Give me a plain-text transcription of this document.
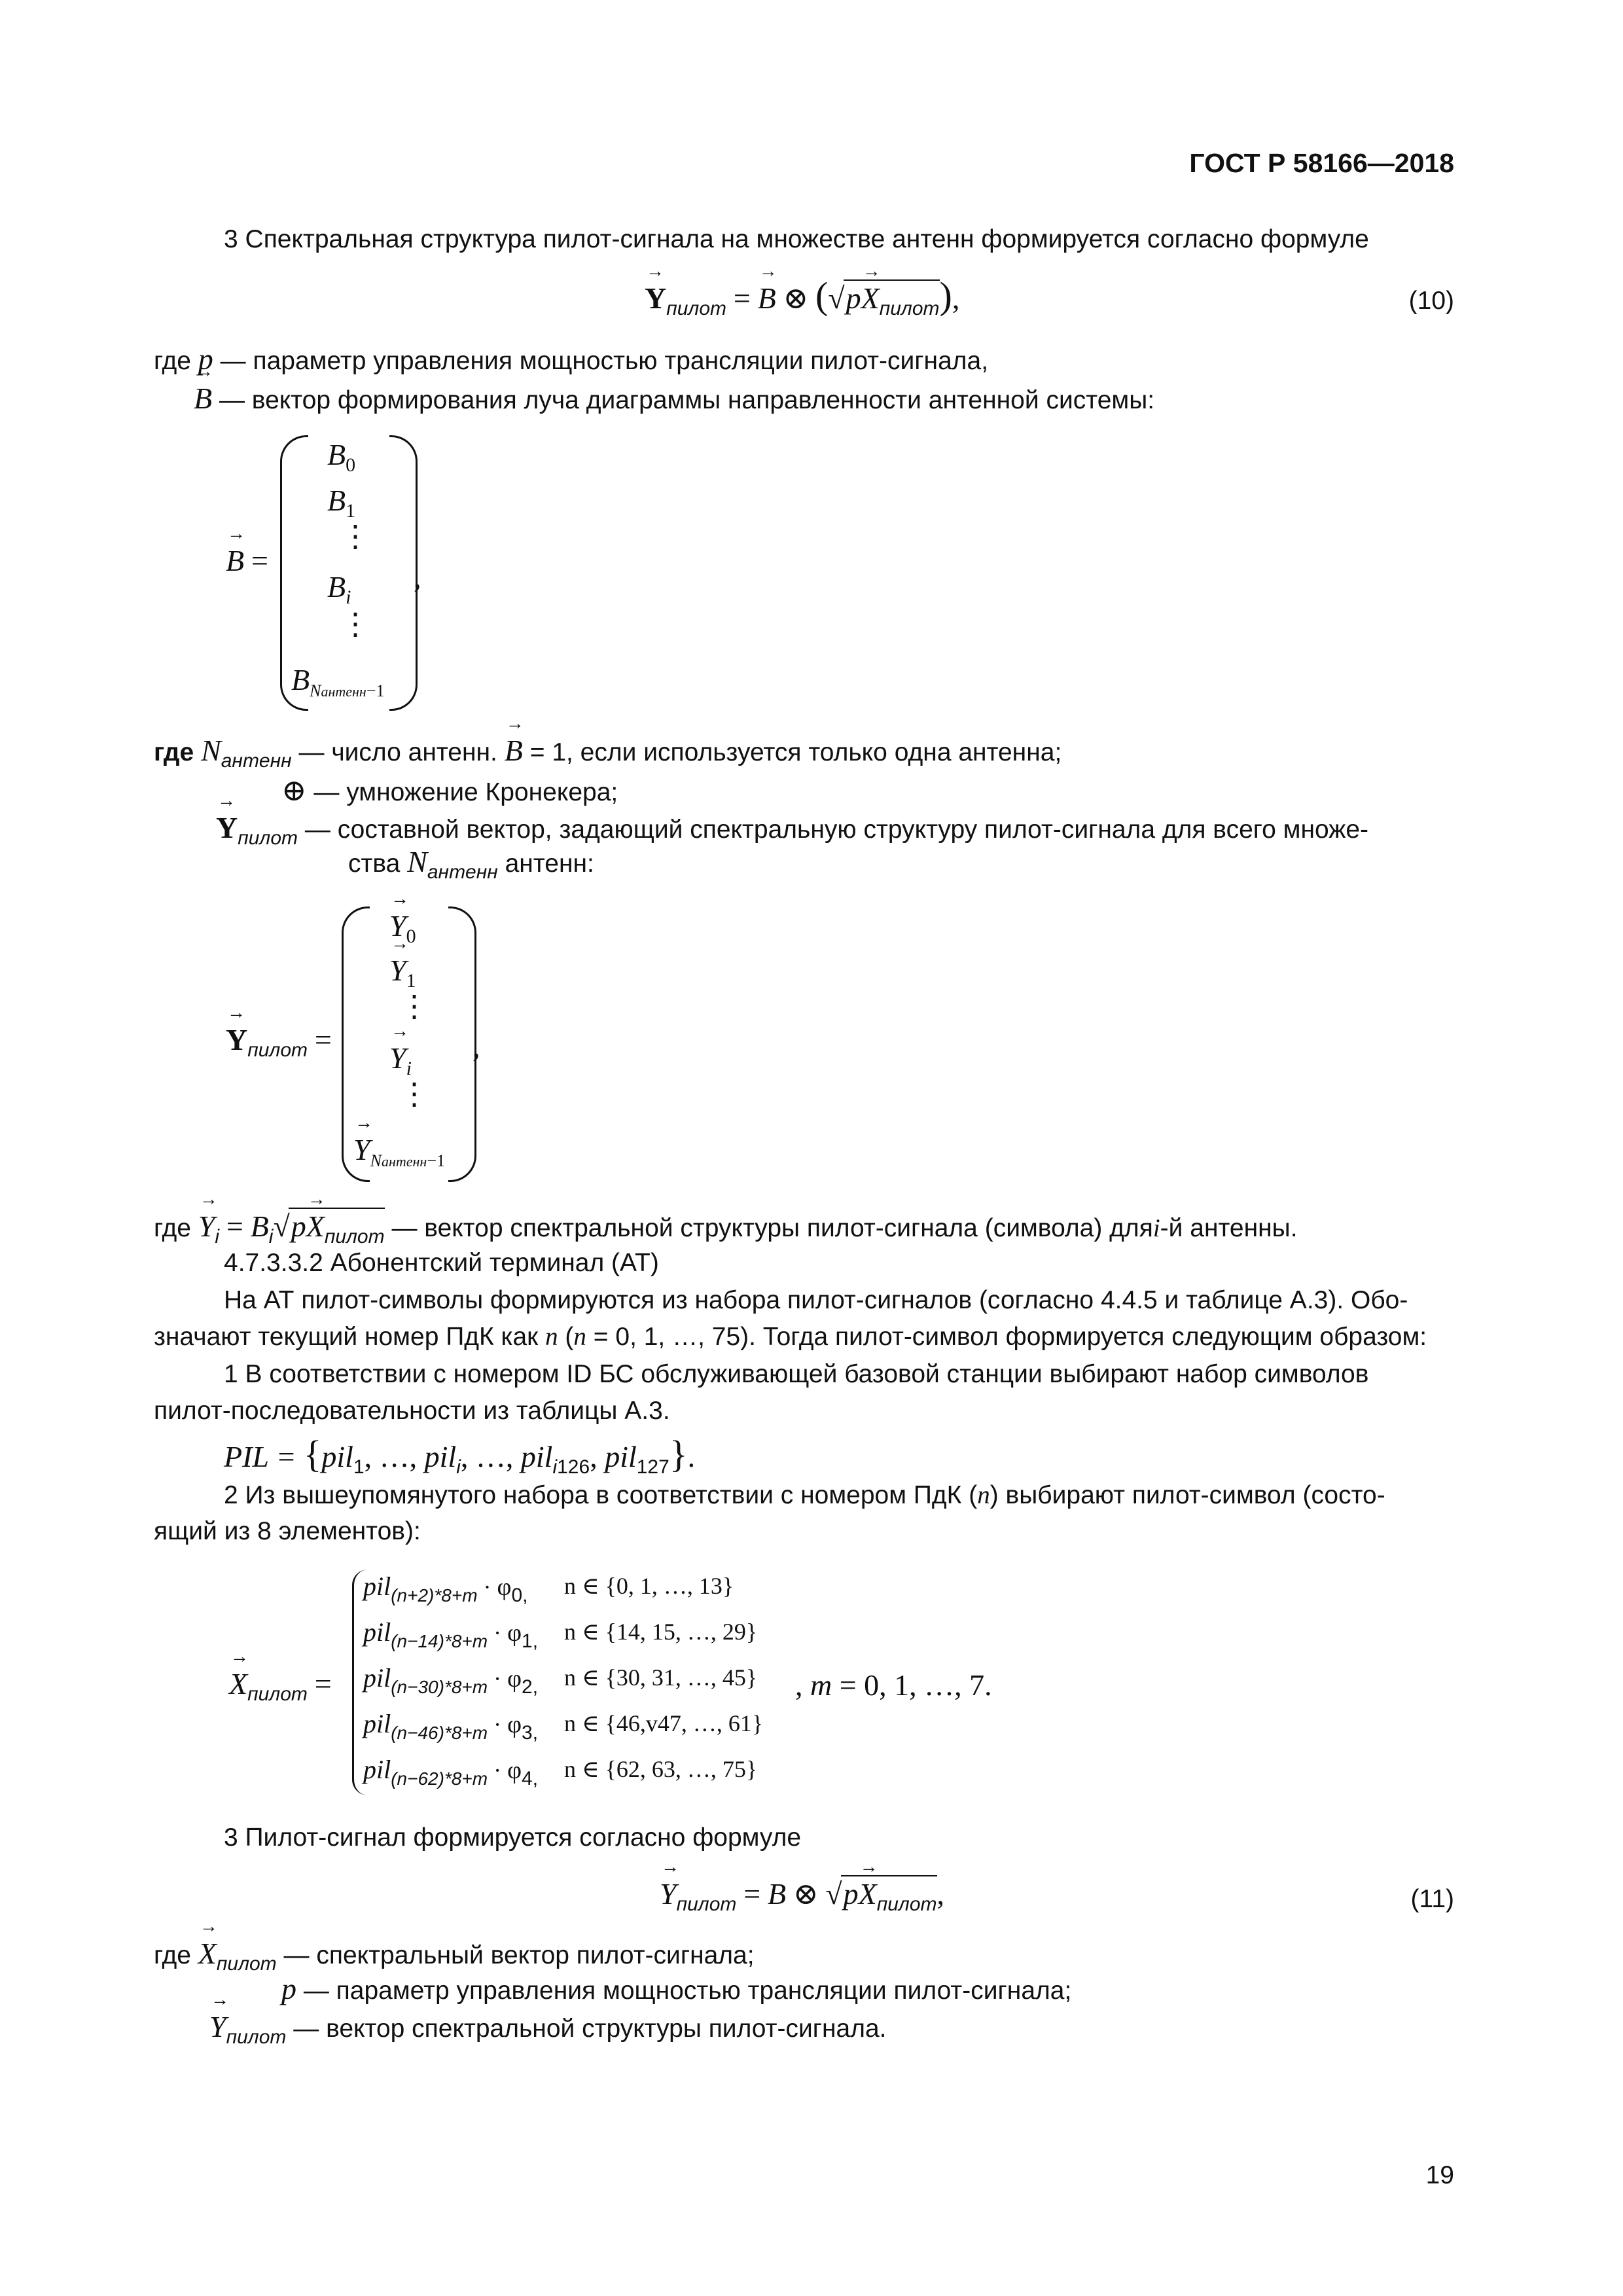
ГОСТ Р 58166—2018
3 Спектральная структура пилот-сигнала на множестве антенн формируется согласно формуле
→ $Y_{пилот}$ = → B ⊗ $(√p\to X_{пилот})$,	(10)
где p — параметр управления мощностью трансляции пилот-сигнала,
→ B — вектор формирования луча диаграммы направленности антенной системы:
→ B =
$B_0$
$B_1$
⋮
$B_i$
⋮
$B_{Nантенн-1}$
,
где $N_{антенн}$ — число антенн. → B = 1, если используется только одна антенна;
⊕ — умножение Кронекера;
→ $Y_{пилот}$ — составной вектор, задающий спектральную структуру пилот-сигнала для всего множе-
ства $N_{антенн}$ антенн:
→ $Y_{пилот}$ =
→ $Y_0$
→ $Y_1$
⋮
→ $Y_i$
⋮
→ $Y_{Nантенн-1}$
,
где → $Y_i = B_i√p\to X_{пилот}$ — вектор спектральной структуры пилот-сигнала (символа) дляi-й антенны.
4.7.3.3.2 Абонентский терминал (АТ)
На АТ пилот-символы формируются из набора пилот-сигналов (согласно 4.4.5 и таблице А.3). Обо-
значают текущий номер ПдК как n (n = 0, 1, …, 75). Тогда пилот-символ формируется следующим образом:
1 В соответствии с номером ID БС обслуживающей базовой станции выбирают набор символов
пилот-последовательности из таблицы А.3.
PIL = {pil$_1$, …, pil$_i$, …, pil$_{i126}$, pil$_{127}$}.
2 Из вышеупомянутого набора в соответствии с номером ПдК (n) выбирают пилот-символ (состо-
ящий из 8 элементов):
→ $X_{пилот}$ =
$pil_{(n+2)*8+m} \cdot \varphi_{0,}$ n ∈ {0, 1, …, 13}
$pil_{(n-14)*8+m} \cdot \varphi_{1,}$ n ∈ {14, 15, …, 29}
$pil_{(n-30)*8+m} \cdot \varphi_{2,}$ n ∈ {30, 31, …, 45}
$pil_{(n-46)*8+m} \cdot \varphi_{3,}$ n ∈ {46,v47, …, 61}
$pil_{(n-62)*8+m} \cdot \varphi_{4,}$ n ∈ {62, 63, …, 75}
, m = 0, 1, …, 7.
3 Пилот-сигнал формируется согласно формуле
→ $Y_{пилот} = B$ ⊗ $√p\to X_{пилот}$,	(11)
где → $X_{пилот}$ — спектральный вектор пилот-сигнала;
p — параметр управления мощностью трансляции пилот-сигнала;
→ $Y_{пилот}$ — вектор спектральной структуры пилот-сигнала.
19
